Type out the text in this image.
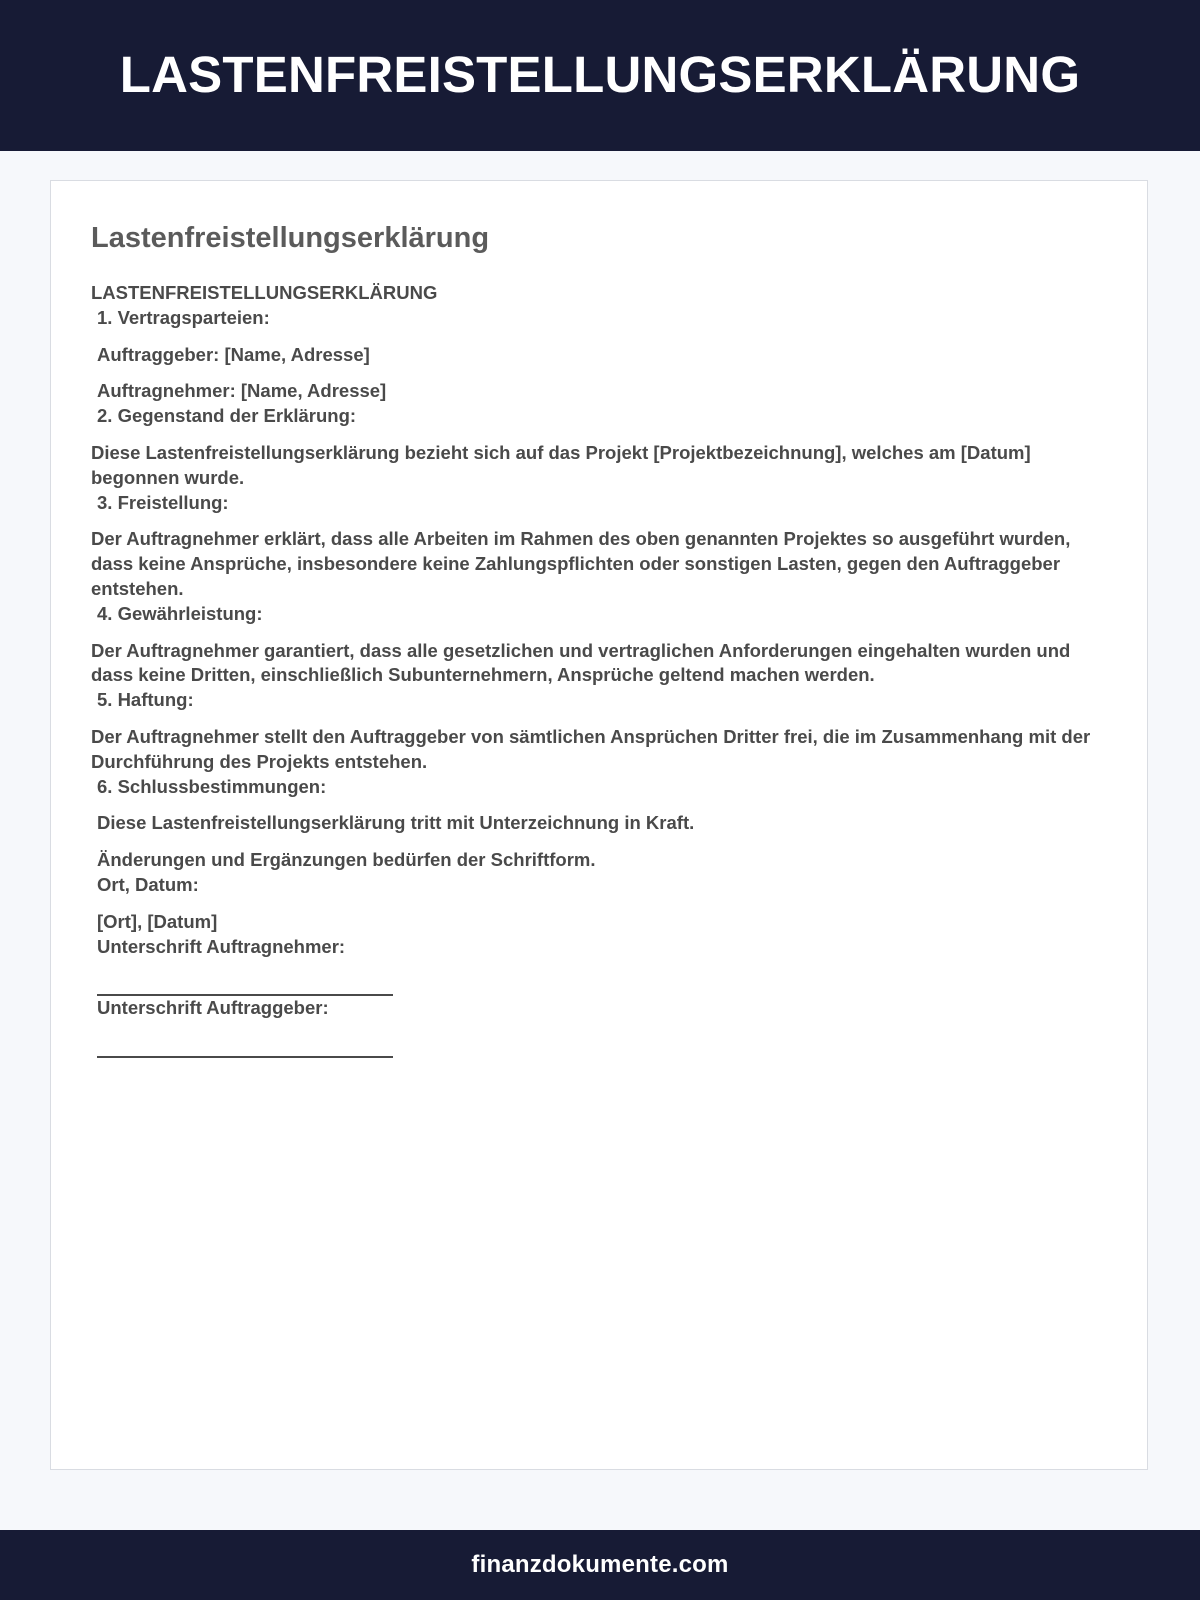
LASTENFREISTELLUNGSERKLÄRUNG
Lastenfreistellungserklärung

LASTENFREISTELLUNGSERKLÄRUNG

1. Vertragsparteien:

Auftraggeber: [Name, Adresse]

Auftragnehmer: [Name, Adresse]

2. Gegenstand der Erklärung:

Diese Lastenfreistellungserklärung bezieht sich auf das Projekt [Projektbezeichnung], welches am [Datum] begonnen wurde.

3. Freistellung:

Der Auftragnehmer erklärt, dass alle Arbeiten im Rahmen des oben genannten Projektes so ausgeführt wurden, dass keine Ansprüche, insbesondere keine Zahlungspflichten oder sonstigen Lasten, gegen den Auftraggeber entstehen.

4. Gewährleistung:

Der Auftragnehmer garantiert, dass alle gesetzlichen und vertraglichen Anforderungen eingehalten wurden und dass keine Dritten, einschließlich Subunternehmern, Ansprüche geltend machen werden.

5. Haftung:

Der Auftragnehmer stellt den Auftraggeber von sämtlichen Ansprüchen Dritter frei, die im Zusammenhang mit der Durchführung des Projekts entstehen.

6. Schlussbestimmungen:

Diese Lastenfreistellungserklärung tritt mit Unterzeichnung in Kraft.

Änderungen und Ergänzungen bedürfen der Schriftform.

Ort, Datum:

[Ort], [Datum]

Unterschrift Auftragnehmer:

Unterschrift Auftraggeber:

finanzdokumente.com
